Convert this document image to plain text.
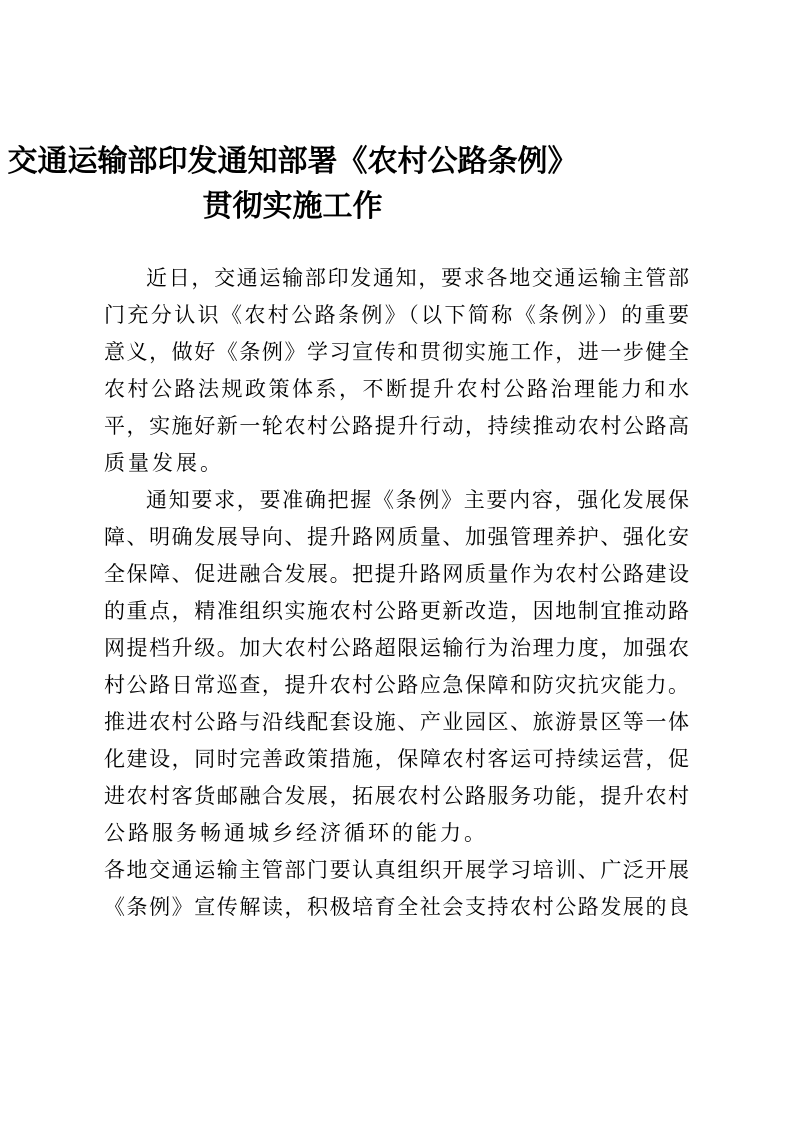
交通运输部印发通知部署《农村公路条例》
贯彻实施工作
近日，交通运输部印发通知，要求各地交通运输主管部
门充分认识《农村公路条例》（以下简称《条例》）的重要
意义，做好《条例》学习宣传和贯彻实施工作，进一步健全
农村公路法规政策体系，不断提升农村公路治理能力和水
平，实施好新一轮农村公路提升行动，持续推动农村公路高
质量发展。
通知要求，要准确把握《条例》主要内容，强化发展保
障、明确发展导向、提升路网质量、加强管理养护、强化安
全保障、促进融合发展。把提升路网质量作为农村公路建设
的重点，精准组织实施农村公路更新改造，因地制宜推动路
网提档升级。加大农村公路超限运输行为治理力度，加强农
村公路日常巡查，提升农村公路应急保障和防灾抗灾能力。
推进农村公路与沿线配套设施、产业园区、旅游景区等一体
化建设，同时完善政策措施，保障农村客运可持续运营，促
进农村客货邮融合发展，拓展农村公路服务功能，提升农村
公路服务畅通城乡经济循环的能力。
各地交通运输主管部门要认真组织开展学习培训、广泛开展
《条例》宣传解读，积极培育全社会支持农村公路发展的良
